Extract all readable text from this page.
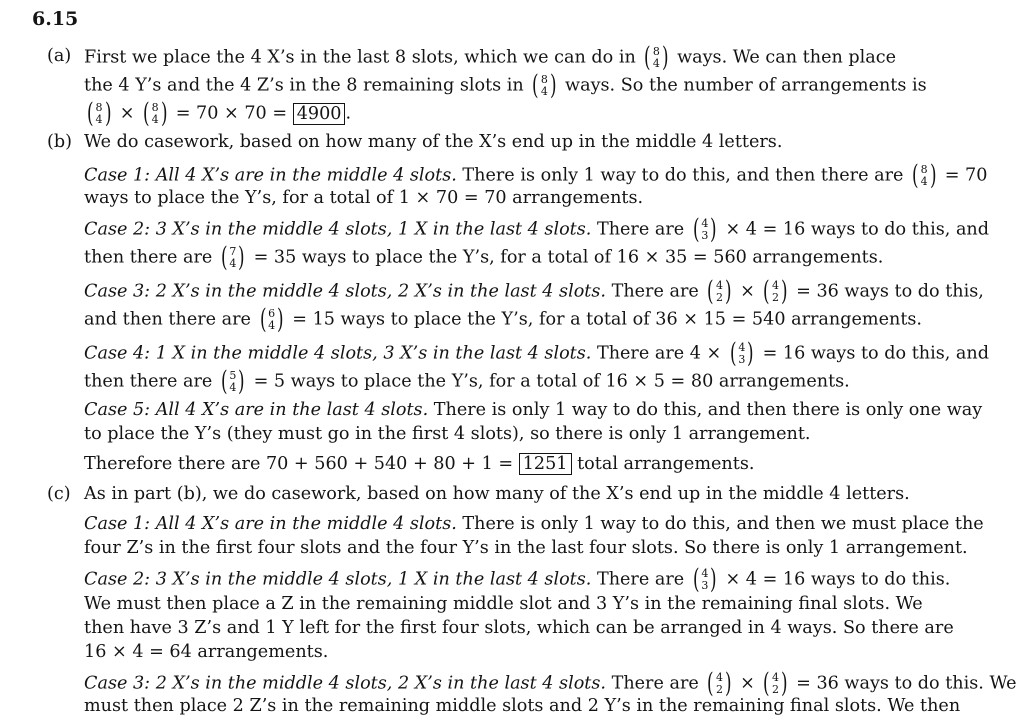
6.15
(a) First we place the 4 X’s in the last 8 slots, which we can do in ( 8
4 ) ways. We can then place
the 4 Y’s and the 4 Z’s in the 8 remaining slots in ( 8
4 ) ways. So the number of arrangements is
( 8
4 ) × ( 8
4 ) = 70 × 70 = 4900 .
(b) We do casework, based on how many of the X’s end up in the middle 4 letters.
Case 1: All 4 X’s are in the middle 4 slots. There is only 1 way to do this, and then there are ( 8
4 ) = 70
ways to place the Y’s, for a total of 1 × 70 = 70 arrangements.
Case 2: 3 X’s in the middle 4 slots, 1 X in the last 4 slots. There are ( 4
3 ) × 4 = 16 ways to do this, and
then there are ( 7
4 ) = 35 ways to place the Y’s, for a total of 16 × 35 = 560 arrangements.
Case 3: 2 X’s in the middle 4 slots, 2 X’s in the last 4 slots. There are ( 4
2 ) × ( 4
2 ) = 36 ways to do this,
and then there are ( 6
4 ) = 15 ways to place the Y’s, for a total of 36 × 15 = 540 arrangements.
Case 4: 1 X in the middle 4 slots, 3 X’s in the last 4 slots. There are 4 × ( 4
3 ) = 16 ways to do this, and
then there are ( 5
4 ) = 5 ways to place the Y’s, for a total of 16 × 5 = 80 arrangements.
Case 5: All 4 X’s are in the last 4 slots. There is only 1 way to do this, and then there is only one way
to place the Y’s (they must go in the first 4 slots), so there is only 1 arrangement.
Therefore there are 70 + 560 + 540 + 80 + 1 = 1251 total arrangements.
(c) As in part (b), we do casework, based on how many of the X’s end up in the middle 4 letters.
Case 1: All 4 X’s are in the middle 4 slots. There is only 1 way to do this, and then we must place the
four Z’s in the first four slots and the four Y’s in the last four slots. So there is only 1 arrangement.
Case 2: 3 X’s in the middle 4 slots, 1 X in the last 4 slots. There are ( 4
3 ) × 4 = 16 ways to do this.
We must then place a Z in the remaining middle slot and 3 Y’s in the remaining final slots. We
then have 3 Z’s and 1 Y left for the first four slots, which can be arranged in 4 ways. So there are
16 × 4 = 64 arrangements.
Case 3: 2 X’s in the middle 4 slots, 2 X’s in the last 4 slots. There are ( 4
2 ) × ( 4
2 ) = 36 ways to do this. We
must then place 2 Z’s in the remaining middle slots and 2 Y’s in the remaining final slots. We then
